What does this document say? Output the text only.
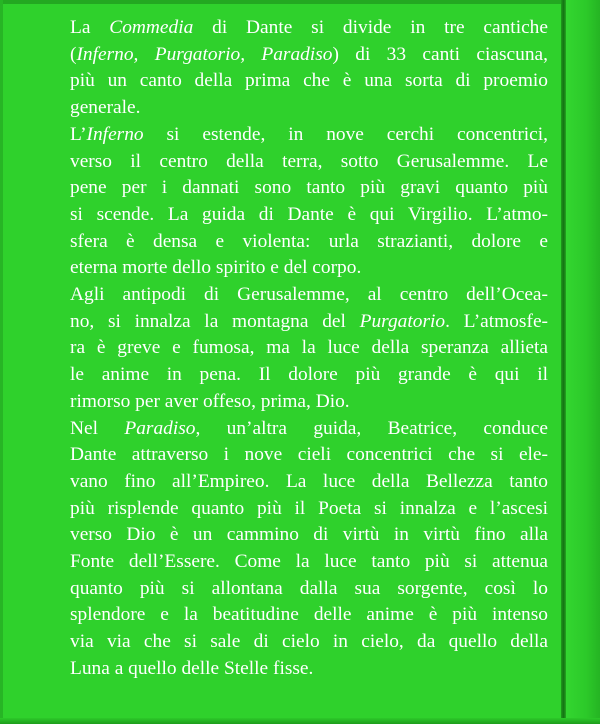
La Commedia di Dante si divide in tre cantiche
(Inferno, Purgatorio, Paradiso) di 33 canti ciascuna,
più un canto della prima che è una sorta di proemio
generale.

L’Inferno si estende, in nove cerchi concentrici,
verso il centro della terra, sotto Gerusalemme. Le
pene per i dannati sono tanto più gravi quanto più
si scende. La guida di Dante è qui Virgilio. L’atmo-
sfera è densa e violenta: urla strazianti, dolore e
eterna morte dello spirito e del corpo.

Agli antipodi di Gerusalemme, al centro dell’Ocea-
no, si innalza la montagna del Purgatorio. L’atmosfe-
ra è greve e fumosa, ma la luce della speranza allieta
le anime in pena. Il dolore più grande è qui il
rimorso per aver offeso, prima, Dio.

Nel Paradiso, un’altra guida, Beatrice, conduce
Dante attraverso i nove cieli concentrici che si ele-
vano fino all’Empireo. La luce della Bellezza tanto
più risplende quanto più il Poeta si innalza e l’ascesi
verso Dio è un cammino di virtù in virtù fino alla
Fonte dell’Essere. Come la luce tanto più si attenua
quanto più si allontana dalla sua sorgente, così lo
splendore e la beatitudine delle anime è più intenso
via via che si sale di cielo in cielo, da quello della
Luna a quello delle Stelle fisse.
